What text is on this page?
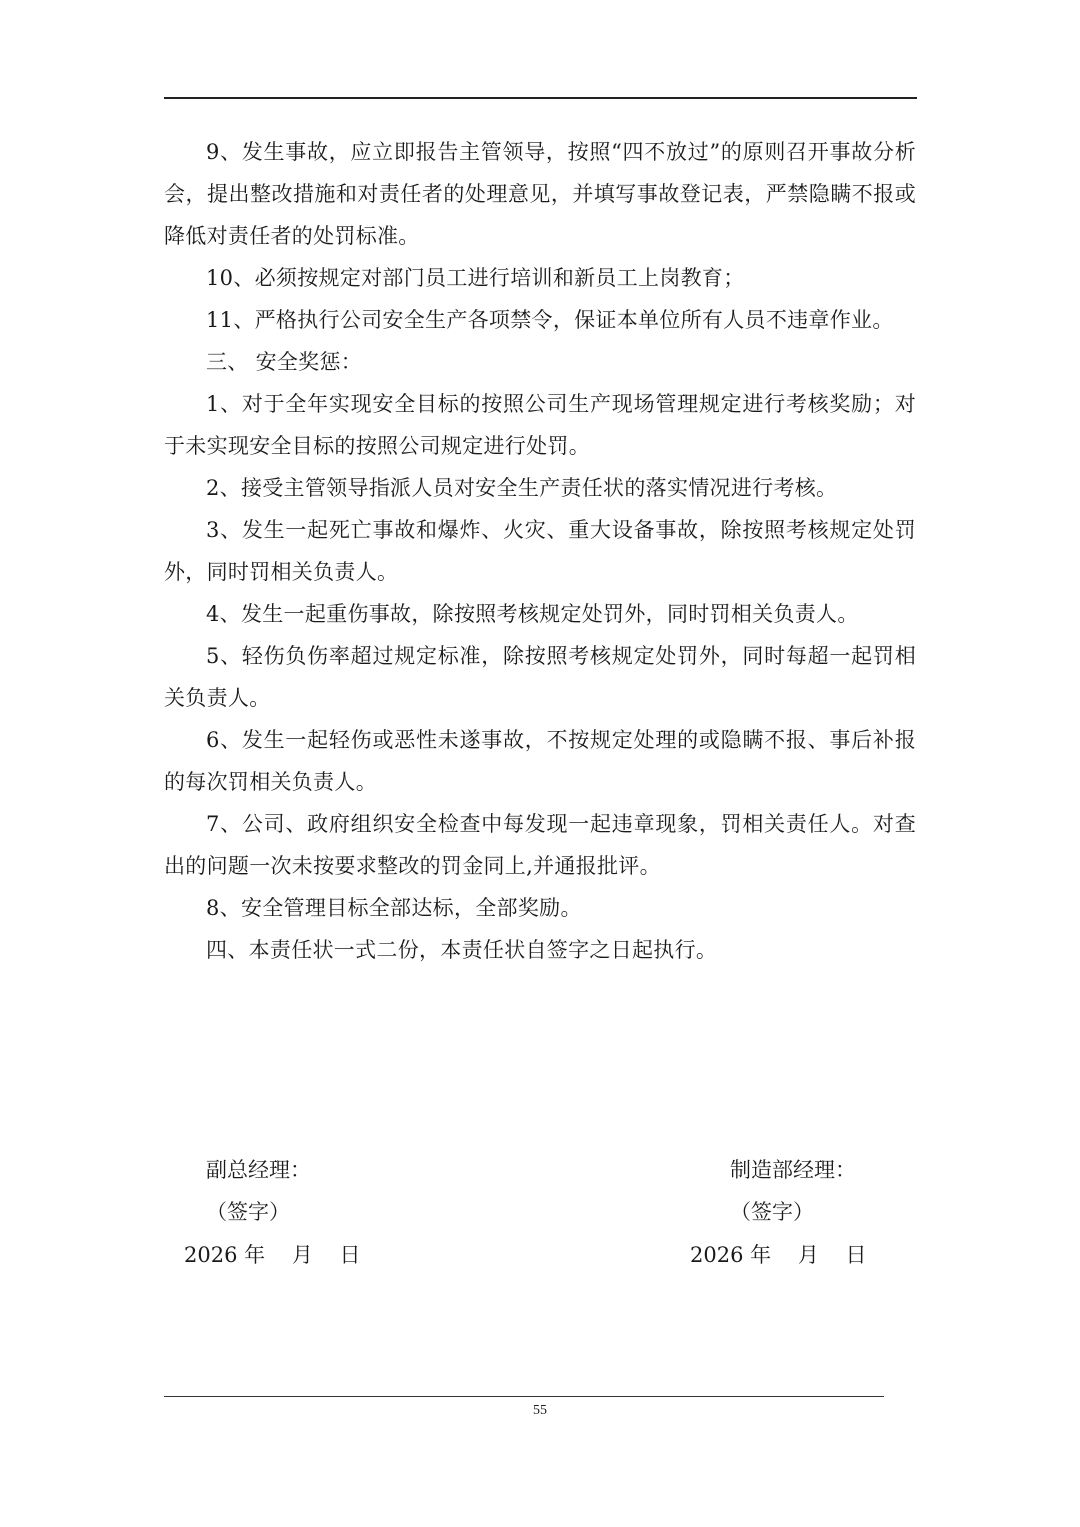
9、发生事故，应立即报告主管领导，按照“四不放过”的原则召开事故分析会，提出整改措施和对责任者的处理意见，并填写事故登记表，严禁隐瞒不报或降低对责任者的处罚标准。

10、必须按规定对部门员工进行培训和新员工上岗教育；

11、严格执行公司安全生产各项禁令，保证本单位所有人员不违章作业。

三、 安全奖惩：

1、对于全年实现安全目标的按照公司生产现场管理规定进行考核奖励；对于未实现安全目标的按照公司规定进行处罚。

2、接受主管领导指派人员对安全生产责任状的落实情况进行考核。

3、发生一起死亡事故和爆炸、火灾、重大设备事故，除按照考核规定处罚外，同时罚相关负责人。

4、发生一起重伤事故，除按照考核规定处罚外，同时罚相关负责人。

5、轻伤负伤率超过规定标准，除按照考核规定处罚外，同时每超一起罚相关负责人。

6、发生一起轻伤或恶性未遂事故，不按规定处理的或隐瞒不报、事后补报的每次罚相关负责人。

7、公司、政府组织安全检查中每发现一起违章现象，罚相关责任人。对查出的问题一次未按要求整改的罚金同上,并通报批评。

8、安全管理目标全部达标，全部奖励。

四、本责任状一式二份，本责任状自签字之日起执行。

副总经理：
（签字）
2026 年    月    日
制造部经理：
（签字）
2026 年    月    日
55
